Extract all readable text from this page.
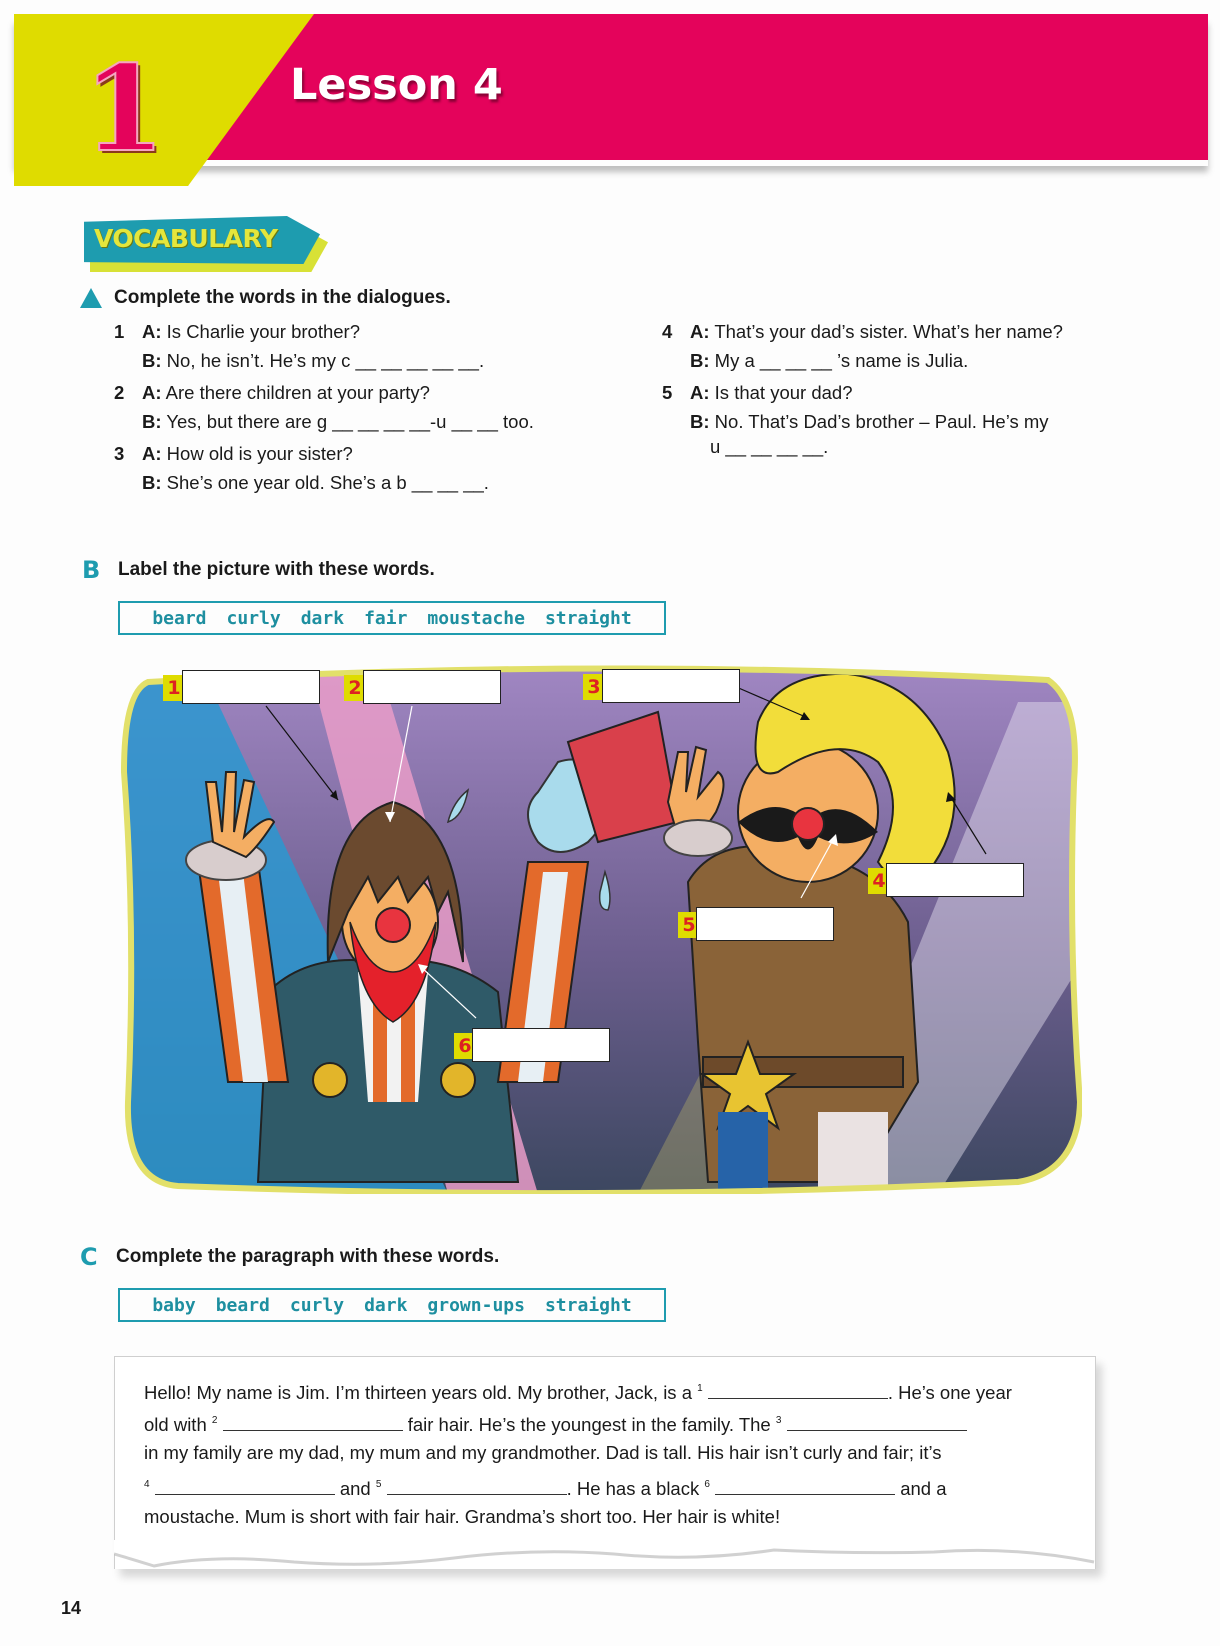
1	Lesson 4
VOCABULARY
Complete the words in the dialogues.
1 A: Is Charlie your brother?
B: No, he isn’t. He’s my c __ __ __ __ __.
2 A: Are there children at your party?
B: Yes, but there are g __ __ __ __-u __ __ too.
3 A: How old is your sister?
B: She’s one year old. She’s a b __ __ __.
4 A: That’s your dad’s sister. What’s her name?
B: My a __ __ __ ’s name is Julia.
5 A: Is that your dad?
B: No. That’s Dad’s brother – Paul. He’s my
u __ __ __ __.
B Label the picture with these words.
beard curly dark fair moustache straight
1	2	3
4
5
6
C Complete the paragraph with these words.
baby beard curly dark grown-ups straight
Hello! My name is Jim. I’m thirteen years old. My brother, Jack, is a $^1$	. He’s one year
old with $^2$	fair hair. He’s the youngest in the family. The $^3$
in my family are my dad, my mum and my grandmother. Dad is tall. His hair isn’t curly and fair; it’s
$^4$	and $^5$	. He has a black $^6$	and a
moustache. Mum is short with fair hair. Grandma’s short too. Her hair is white!
14
